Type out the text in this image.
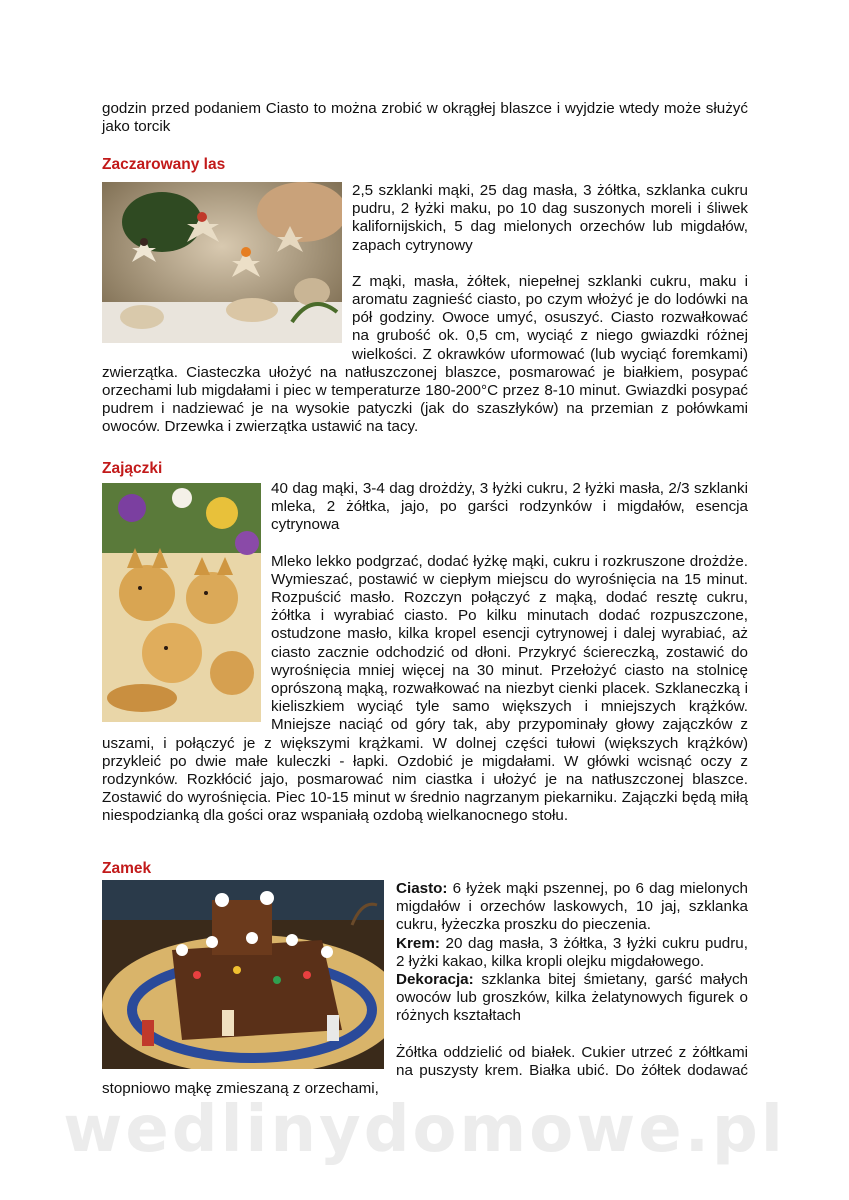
godzin przed podaniem Ciasto to można zrobić w okrągłej blaszce i wyjdzie wtedy może służyć jako torcik

Zaczarowany las

2,5 szklanki mąki, 25 dag masła, 3 żółtka, szklanka cukru pudru, 2 łyżki maku, po 10 dag suszonych moreli i śliwek kalifornijskich, 5 dag mielonych orzechów lub migdałów, zapach cytrynowy

Z mąki, masła, żółtek, niepełnej szklanki cukru, maku i aromatu zagnieść ciasto, po czym włożyć je do lodówki na pół godziny. Owoce umyć, osuszyć. Ciasto rozwałkować na grubość ok. 0,5 cm, wyciąć z niego gwiazdki różnej wielkości. Z okrawków uformować (lub wyciąć foremkami) zwierzątka. Ciasteczka ułożyć na natłuszczonej blaszce, posmarować je białkiem, posypać orzechami lub migdałami i piec w temperaturze 180-200°C przez 8-10 minut. Gwiazdki posypać pudrem i nadziewać je na wysokie patyczki (jak do szaszłyków) na przemian z połówkami owoców. Drzewka i zwierzątka ustawić na tacy.

Zajączki

40 dag mąki, 3-4 dag drożdży, 3 łyżki cukru, 2 łyżki masła, 2/3 szklanki mleka, 2 żółtka, jajo, po garści rodzynków i migdałów, esencja cytrynowa

Mleko lekko podgrzać, dodać łyżkę mąki, cukru i rozkruszone drożdże. Wymieszać, postawić w ciepłym miejscu do wyrośnięcia na 15 minut. Rozpuścić masło. Rozczyn połączyć z mąką, dodać resztę cukru, żółtka i wyrabiać ciasto. Po kilku minutach dodać rozpuszczone, ostudzone masło, kilka kropel esencji cytrynowej i dalej wyrabiać, aż ciasto zacznie odchodzić od dłoni. Przykryć ściereczką, zostawić do wyrośnięcia mniej więcej na 30 minut. Przełożyć ciasto na stolnicę oprószoną mąką, rozwałkować na niezbyt cienki placek. Szklaneczką i kieliszkiem wyciąć tyle samo większych i mniejszych krążków. Mniejsze naciąć od góry tak, aby przypominały głowy zajączków z uszami, i połączyć je z większymi krążkami. W dolnej części tułowi (większych krążków) przykleić po dwie małe kuleczki - łapki. Ozdobić je migdałami. W główki wcisnąć oczy z rodzynków. Rozkłócić jajo, posmarować nim ciastka i ułożyć je na natłuszczonej blaszce. Zostawić do wyrośnięcia. Piec 10-15 minut w średnio nagrzanym piekarniku. Zajączki będą miłą niespodzianką dla gości oraz wspaniałą ozdobą wielkanocnego stołu.

Zamek

Ciasto: 6 łyżek mąki pszennej, po 6 dag mielonych migdałów i orzechów laskowych, 10 jaj, szklanka cukru, łyżeczka proszku do pieczenia.

Krem: 20 dag masła, 3 żółtka, 3 łyżki cukru pudru, 2 łyżki kakao, kilka kropli olejku migdałowego.

Dekoracja: szklanka bitej śmietany, garść małych owoców lub groszków, kilka żelatynowych figurek o różnych kształtach

Żółtka oddzielić od białek. Cukier utrzeć z żółtkami na puszysty krem. Białka ubić. Do żółtek dodawać stopniowo mąkę zmieszaną z orzechami,

wedlinydomowe.pl
